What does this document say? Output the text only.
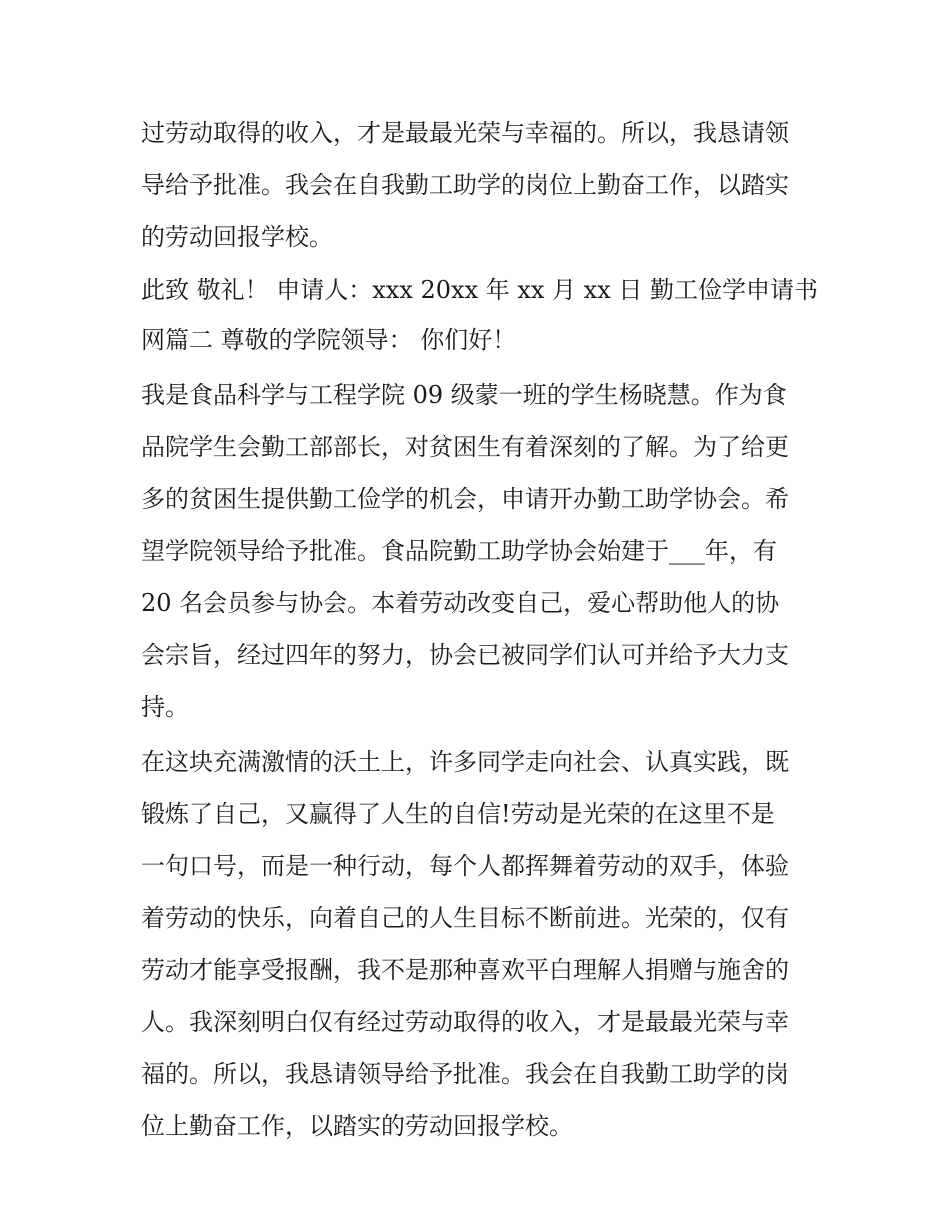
过劳动取得的收入，才是最最光荣与幸福的。所以，我恳请领
导给予批准。我会在自我勤工助学的岗位上勤奋工作，以踏实
的劳动回报学校。
此致 敬礼！ 申请人：xxx 20xx 年 xx 月 xx 日 勤工俭学申请书
网篇二 尊敬的学院领导： 你们好！
我是食品科学与工程学院 09 级蒙一班的学生杨晓慧。作为食
品院学生会勤工部部长，对贫困生有着深刻的了解。为了给更
多的贫困生提供勤工俭学的机会，申请开办勤工助学协会。希
望学院领导给予批准。食品院勤工助学协会始建于___年，有
20 名会员参与协会。本着劳动改变自己，爱心帮助他人的协
会宗旨，经过四年的努力，协会已被同学们认可并给予大力支
持。
在这块充满激情的沃土上，许多同学走向社会、认真实践，既
锻炼了自己，又赢得了人生的自信!劳动是光荣的在这里不是
一句口号，而是一种行动，每个人都挥舞着劳动的双手，体验
着劳动的快乐，向着自己的人生目标不断前进。光荣的，仅有
劳动才能享受报酬，我不是那种喜欢平白理解人捐赠与施舍的
人。我深刻明白仅有经过劳动取得的收入，才是最最光荣与幸
福的。所以，我恳请领导给予批准。我会在自我勤工助学的岗
位上勤奋工作，以踏实的劳动回报学校。
